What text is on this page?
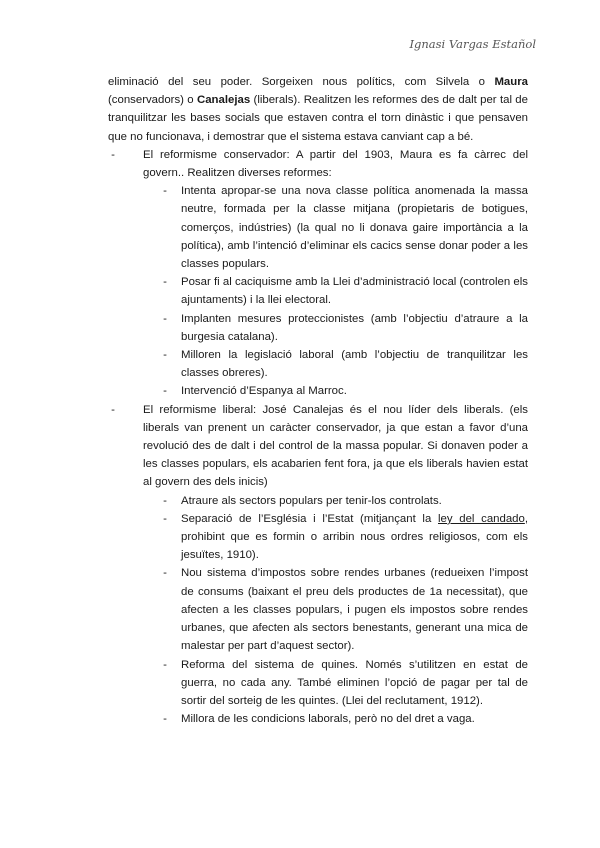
Ignasi Vargas Estañol

eliminació del seu poder. Sorgeixen nous polítics, com Silvela o Maura (conservadors) o Canalejas (liberals). Realitzen les reformes des de dalt per tal de tranquilitzar les bases socials que estaven contra el torn dinàstic i que pensaven que no funcionava, i demostrar que el sistema estava canviant cap a bé.

- El reformisme conservador: A partir del 1903, Maura es fa càrrec del govern.. Realitzen diverses reformes:
- Intenta apropar-se una nova classe política anomenada la massa neutre, formada per la classe mitjana (propietaris de botigues, comerços, indústries) (la qual no li donava gaire importància a la política), amb l’intenció d’eliminar els cacics sense donar poder a les classes populars.
- Posar fi al caciquisme amb la Llei d’administració local (controlen els ajuntaments) i la llei electoral.
- Implanten mesures proteccionistes (amb l’objectiu d’atraure a la burgesia catalana).
- Milloren la legislació laboral (amb l’objectiu de tranquilitzar les classes obreres).
- Intervenció d’Espanya al Marroc.
- El reformisme liberal: José Canalejas és el nou líder dels liberals. (els liberals van prenent un caràcter conservador, ja que estan a favor d’una revolució des de dalt i del control de la massa popular. Si donaven poder a les classes populars, els acabarien fent fora, ja que els liberals havien estat al govern des dels inicis)
- Atraure als sectors populars per tenir-los controlats.
- Separació de l’Església i l’Estat (mitjançant la ley del candado, prohibint que es formin o arribin nous ordres religiosos, com els jesuïtes, 1910).
- Nou sistema d’impostos sobre rendes urbanes (redueixen l’impost de consums (baixant el preu dels productes de 1a necessitat), que afecten a les classes populars, i pugen els impostos sobre rendes urbanes, que afecten als sectors benestants, generant una mica de malestar per part d’aquest sector).
- Reforma del sistema de quines. Només s’utilitzen en estat de guerra, no cada any. També eliminen l’opció de pagar per tal de sortir del sorteig de les quintes. (Llei del reclutament, 1912).
- Millora de les condicions laborals, però no del dret a vaga.
